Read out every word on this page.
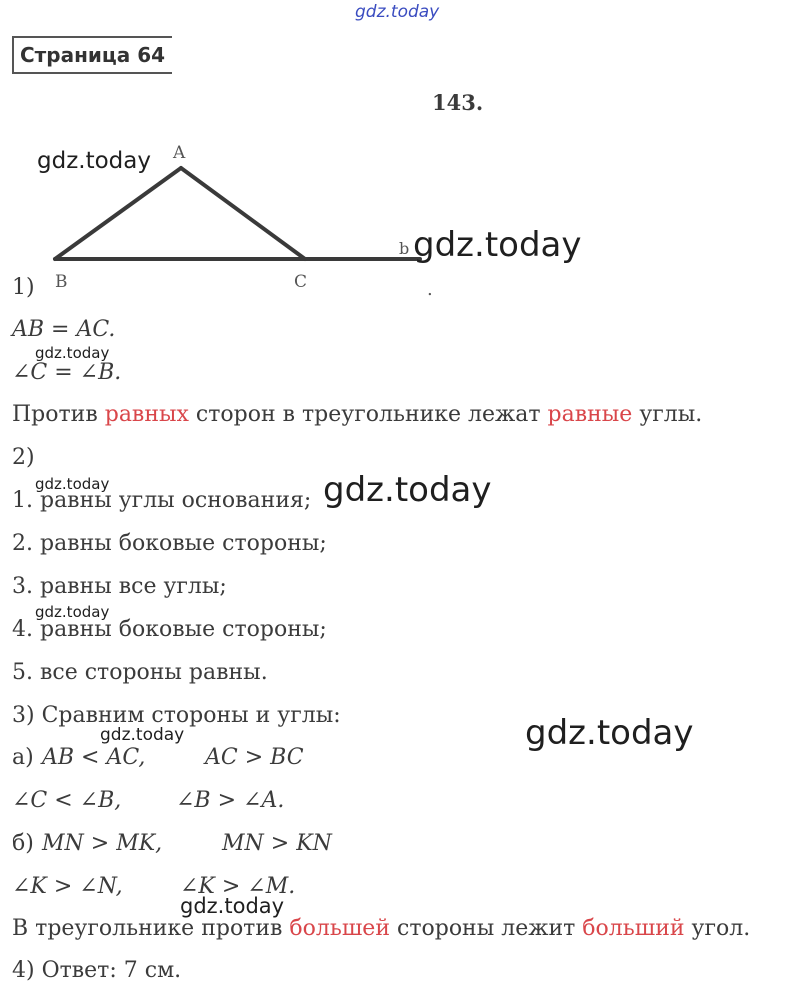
gdz.today
Страница 64
143.
A
B	C
b
.
gdz.today
gdz.today
1)
AB = AC.
∠C = ∠B.
gdz.today
Против равных сторон в треугольнике лежат равные углы.
2)
1. равны углы основания;
2. равны боковые стороны;
3. равны все углы;
4. равны боковые стороны;
5. все стороны равны.
gdz.today	gdz.today
gdz.today
3) Сравним стороны и углы:	gdz.today
gdz.today
а) AB < AC,	AC > BC
∠C < ∠B, ∠B > ∠A.
б) MN > MK,	MN > KN
∠K > ∠N,	∠K > ∠M.
gdz.today
В треугольнике против большей стороны лежит больший угол.
4) Ответ: 7 см.
